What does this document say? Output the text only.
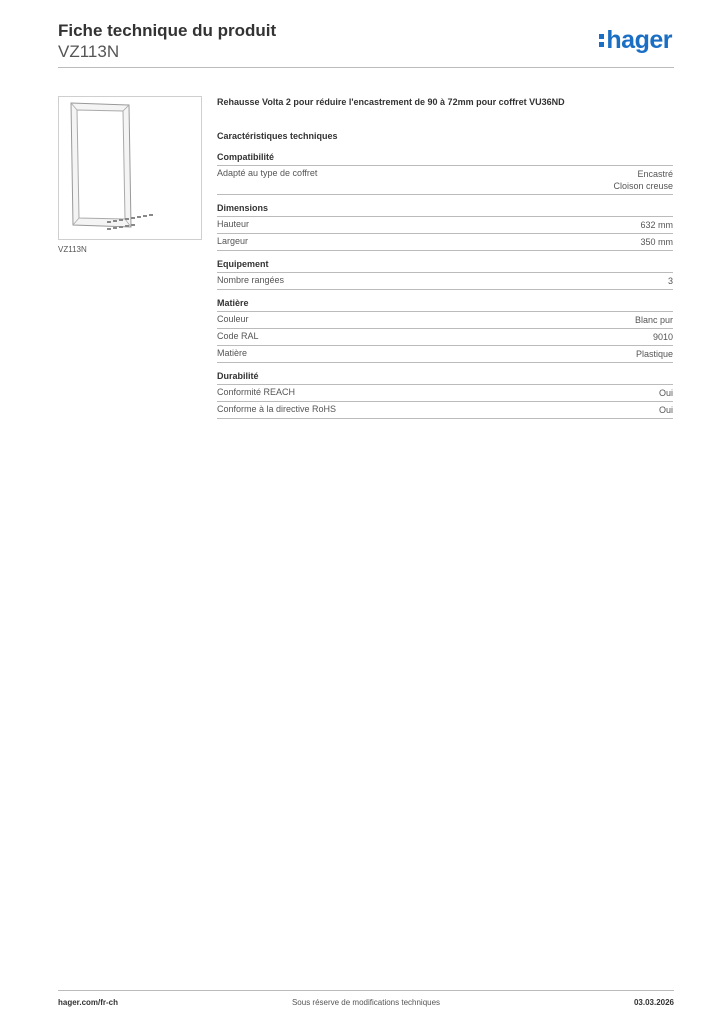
Fiche technique du produit
VZ113N	hager
VZ113N
Rehausse Volta 2 pour réduire l'encastrement de 90 à 72mm pour coffret VU36ND
Caractéristiques techniques
Compatibilité
Adapté au type de coffret	Encastré
Cloison creuse
Dimensions
Hauteur	632 mm
Largeur	350 mm
Equipement
Nombre rangées	3
Matière
Couleur	Blanc pur
Code RAL	9010
Matière	Plastique
Durabilité
Conformité REACH	Oui
Conforme à la directive RoHS	Oui
hager.com/fr-ch	Sous réserve de modifications techniques	03.03.2026
